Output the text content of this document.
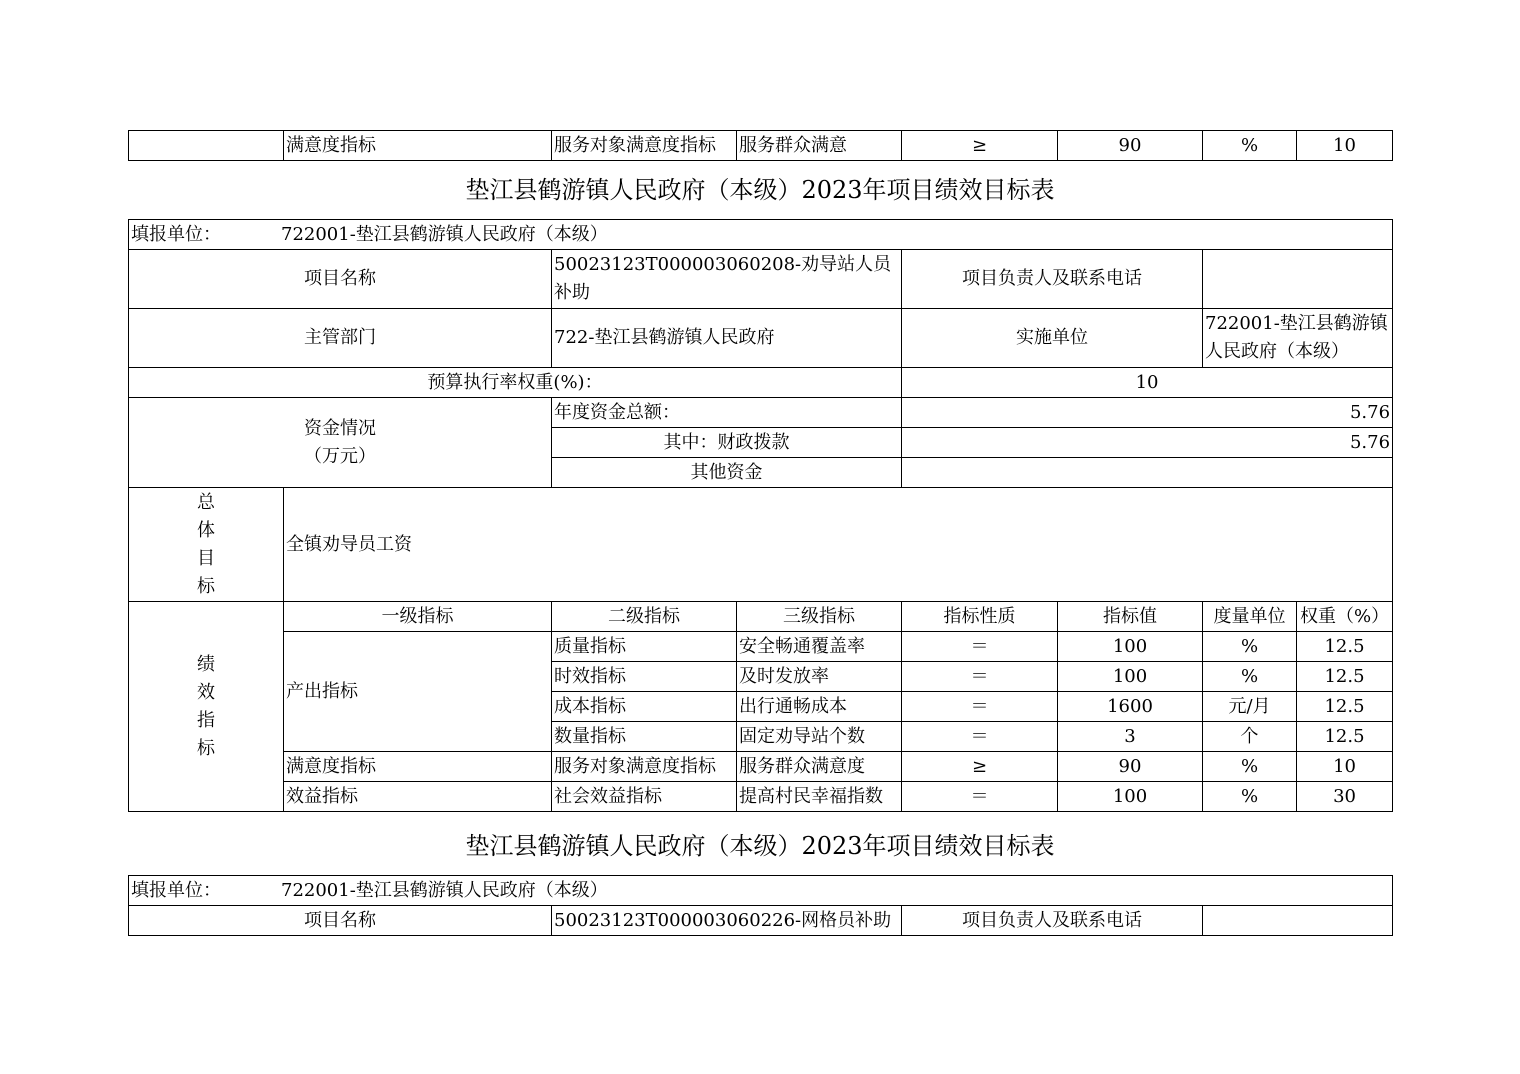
	满意度指标	服务对象满意度指标	服务群众满意	≥	90	%	10
垫江县鹤游镇人民政府（本级）2023年项目绩效目标表
填报单位： 722001-垫江县鹤游镇人民政府（本级）							
项目名称		50023123T000003060208-劝导站人员补助		项目负责人及联系电话			
主管部门		722-垫江县鹤游镇人民政府		实施单位		722001-垫江县鹤游镇人民政府（本级）	
预算执行率权重(%)：				10			

资金情况
（万元）		年度资金总额：		5.76			
		其中：财政拨款		5.76			
		其他资金					

总
体
目
标	全镇劝导员工资						

绩
效
指
标	一级指标	二级指标	三级指标	指标性质	指标值	度量单位	权重（%）
	产出指标	质量指标	安全畅通覆盖率	＝	100	%	12.5
		时效指标	及时发放率	＝	100	%	12.5
		成本指标	出行通畅成本	＝	1600	元/月	12.5
		数量指标	固定劝导站个数	＝	3	个	12.5
	满意度指标	服务对象满意度指标	服务群众满意度	≥	90	%	10
	效益指标	社会效益指标	提高村民幸福指数	＝	100	%	30
垫江县鹤游镇人民政府（本级）2023年项目绩效目标表
填报单位：	722001-垫江县鹤游镇人民政府（本级）
项目名称	50023123T000003060226-网格员补助	项目负责人及联系电话	
